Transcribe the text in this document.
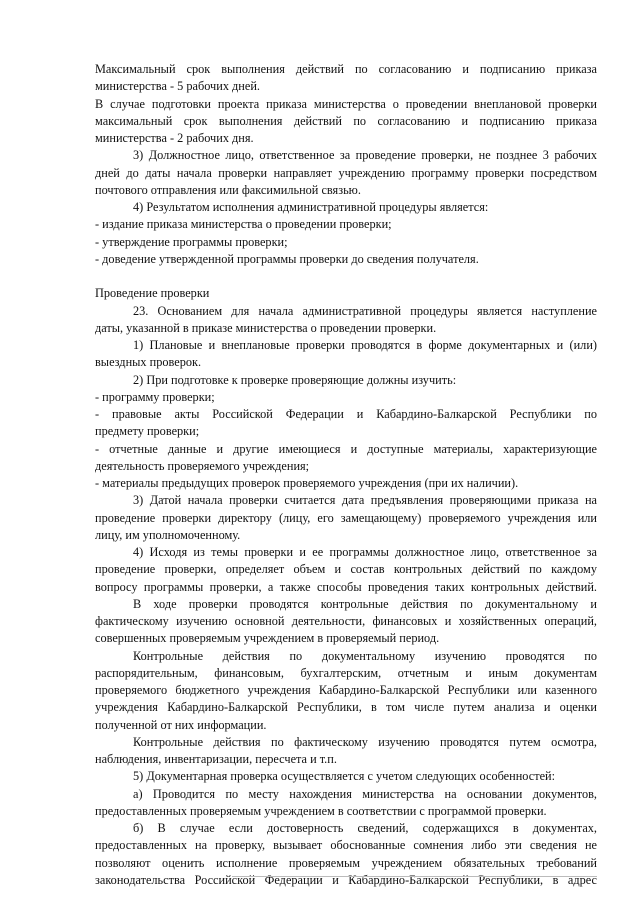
Максимальный срок выполнения действий по согласованию и подписанию приказа

министерства - 5 рабочих дней.

В случае подготовки проекта приказа министерства о проведении внеплановой проверки

максимальный срок выполнения действий по согласованию и подписанию приказа

министерства - 2 рабочих дня.

3) Должностное лицо, ответственное за проведение проверки, не позднее 3 рабочих

дней до даты начала проверки направляет учреждению программу проверки посредством

почтового отправления или факсимильной связью.

4) Результатом исполнения административной процедуры является:

- издание приказа министерства о проведении проверки;

- утверждение программы проверки;

- доведение утвержденной программы проверки до сведения получателя.

Проведение проверки

23. Основанием для начала административной процедуры является наступление

даты, указанной в приказе министерства о проведении проверки.

1) Плановые и внеплановые проверки проводятся в форме документарных и (или)

выездных проверок.

2) При подготовке к проверке проверяющие должны изучить:

- программу проверки;

- правовые акты Российской Федерации и Кабардино-Балкарской Республики по

предмету проверки;

- отчетные данные и другие имеющиеся и доступные материалы, характеризующие

деятельность проверяемого учреждения;

- материалы предыдущих проверок проверяемого учреждения (при их наличии).

3) Датой начала проверки считается дата предъявления проверяющими приказа на

проведение проверки директору (лицу, его замещающему) проверяемого учреждения или

лицу, им уполномоченному.

4) Исходя из темы проверки и ее программы должностное лицо, ответственное за

проведение проверки, определяет объем и состав контрольных действий по каждому

вопросу программы проверки, а также способы проведения таких контрольных действий.

В ходе проверки проводятся контрольные действия по документальному и

фактическому изучению основной деятельности, финансовых и хозяйственных операций,

совершенных проверяемым учреждением в проверяемый период.

Контрольные действия по документальному изучению проводятся по

распорядительным, финансовым, бухгалтерским, отчетным и иным документам

проверяемого бюджетного учреждения Кабардино-Балкарской Республики или казенного

учреждения Кабардино-Балкарской Республики, в том числе путем анализа и оценки

полученной от них информации.

Контрольные действия по фактическому изучению проводятся путем осмотра,

наблюдения, инвентаризации, пересчета и т.п.

5) Документарная проверка осуществляется с учетом следующих особенностей:

а) Проводится по месту нахождения министерства на основании документов,

предоставленных проверяемым учреждением в соответствии с программой проверки.

б) В случае если достоверность сведений, содержащихся в документах,

предоставленных на проверку, вызывает обоснованные сомнения либо эти сведения не

позволяют оценить исполнение проверяемым учреждением обязательных требований

законодательства Российской Федерации и Кабардино-Балкарской Республики, в адрес
